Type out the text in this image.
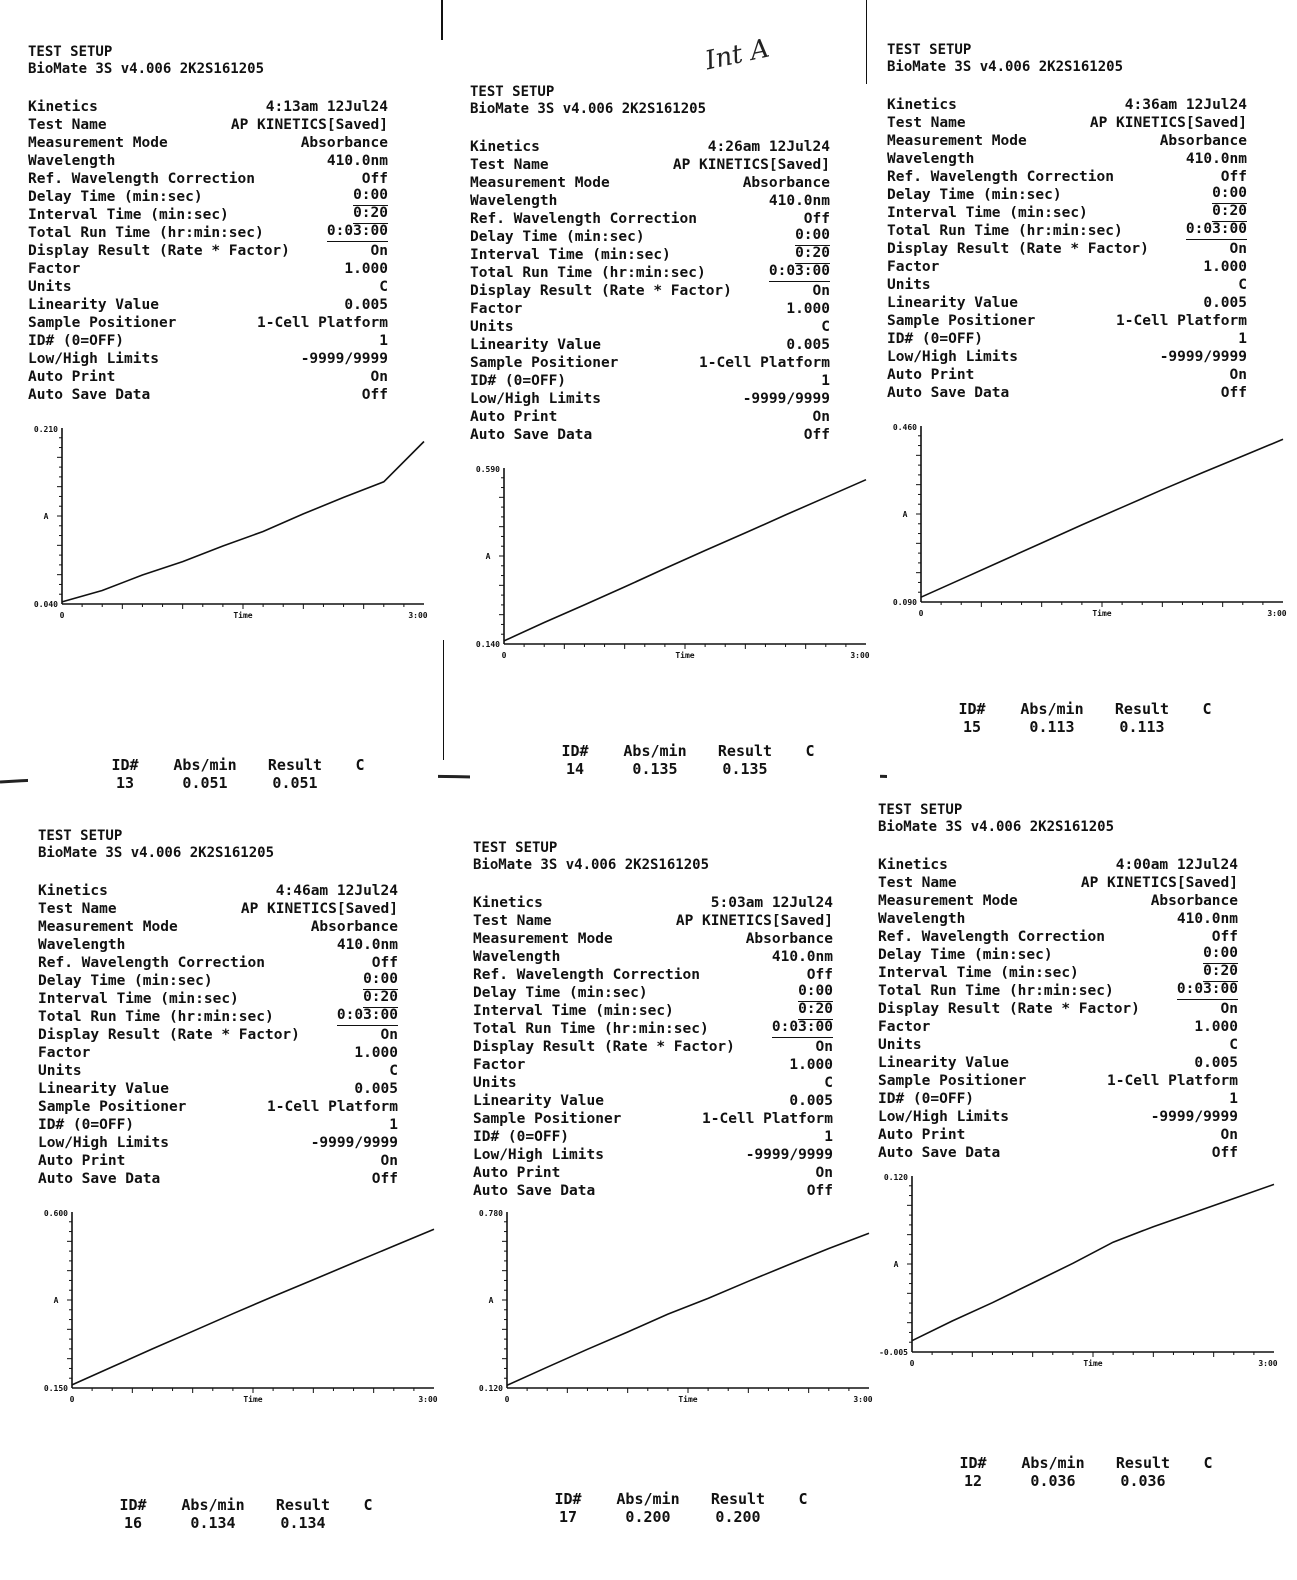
Int A
TEST SETUP
BioMate 3S v4.006 2K2S161205
Kinetics	4:13am 12Jul24
Test Name	AP KINETICS[Saved]
Measurement Mode	Absorbance
Wavelength	410.0nm
Ref. Wavelength Correction	Off
Delay Time (min:sec)	0:00
Interval Time (min:sec)	0:20
Total Run Time (hr:min:sec)	0:03:00
Display Result (Rate * Factor)	On
Factor	1.000
Units	C
Linearity Value	0.005
Sample Positioner	1-Cell Platform
ID# (0=OFF)	1
Low/High Limits	-9999/9999
Auto Print	On
Auto Save Data	Off
0.210
0.040
A
0	3:00
Time
ID#	Abs/min	Result	C
13	0.051	0.051
TEST SETUP
BioMate 3S v4.006 2K2S161205
Kinetics	4:26am 12Jul24
Test Name	AP KINETICS[Saved]
Measurement Mode	Absorbance
Wavelength	410.0nm
Ref. Wavelength Correction	Off
Delay Time (min:sec)	0:00
Interval Time (min:sec)	0:20
Total Run Time (hr:min:sec)	0:03:00
Display Result (Rate * Factor)	On
Factor	1.000
Units	C
Linearity Value	0.005
Sample Positioner	1-Cell Platform
ID# (0=OFF)	1
Low/High Limits	-9999/9999
Auto Print	On
Auto Save Data	Off
0.590
0.140
A
0	3:00
Time
ID#	Abs/min	Result	C
14	0.135	0.135
TEST SETUP
BioMate 3S v4.006 2K2S161205
Kinetics	4:36am 12Jul24
Test Name	AP KINETICS[Saved]
Measurement Mode	Absorbance
Wavelength	410.0nm
Ref. Wavelength Correction	Off
Delay Time (min:sec)	0:00
Interval Time (min:sec)	0:20
Total Run Time (hr:min:sec)	0:03:00
Display Result (Rate * Factor)	On
Factor	1.000
Units	C
Linearity Value	0.005
Sample Positioner	1-Cell Platform
ID# (0=OFF)	1
Low/High Limits	-9999/9999
Auto Print	On
Auto Save Data	Off
0.460
0.090
A
0	3:00
Time
ID#	Abs/min	Result	C
15	0.113	0.113
TEST SETUP
BioMate 3S v4.006 2K2S161205
Kinetics	4:46am 12Jul24
Test Name	AP KINETICS[Saved]
Measurement Mode	Absorbance
Wavelength	410.0nm
Ref. Wavelength Correction	Off
Delay Time (min:sec)	0:00
Interval Time (min:sec)	0:20
Total Run Time (hr:min:sec)	0:03:00
Display Result (Rate * Factor)	On
Factor	1.000
Units	C
Linearity Value	0.005
Sample Positioner	1-Cell Platform
ID# (0=OFF)	1
Low/High Limits	-9999/9999
Auto Print	On
Auto Save Data	Off
0.600
0.150
A
0	3:00
Time
ID#	Abs/min	Result	C
16	0.134	0.134
TEST SETUP
BioMate 3S v4.006 2K2S161205
Kinetics	5:03am 12Jul24
Test Name	AP KINETICS[Saved]
Measurement Mode	Absorbance
Wavelength	410.0nm
Ref. Wavelength Correction	Off
Delay Time (min:sec)	0:00
Interval Time (min:sec)	0:20
Total Run Time (hr:min:sec)	0:03:00
Display Result (Rate * Factor)	On
Factor	1.000
Units	C
Linearity Value	0.005
Sample Positioner	1-Cell Platform
ID# (0=OFF)	1
Low/High Limits	-9999/9999
Auto Print	On
Auto Save Data	Off
0.780
0.120
A
0	3:00
Time
ID#	Abs/min	Result	C
17	0.200	0.200
TEST SETUP
BioMate 3S v4.006 2K2S161205
Kinetics	4:00am 12Jul24
Test Name	AP KINETICS[Saved]
Measurement Mode	Absorbance
Wavelength	410.0nm
Ref. Wavelength Correction	Off
Delay Time (min:sec)	0:00
Interval Time (min:sec)	0:20
Total Run Time (hr:min:sec)	0:03:00
Display Result (Rate * Factor)	On
Factor	1.000
Units	C
Linearity Value	0.005
Sample Positioner	1-Cell Platform
ID# (0=OFF)	1
Low/High Limits	-9999/9999
Auto Print	On
Auto Save Data	Off
0.120
-0.005
A
0	3:00
Time
ID#	Abs/min	Result	C
12	0.036	0.036
